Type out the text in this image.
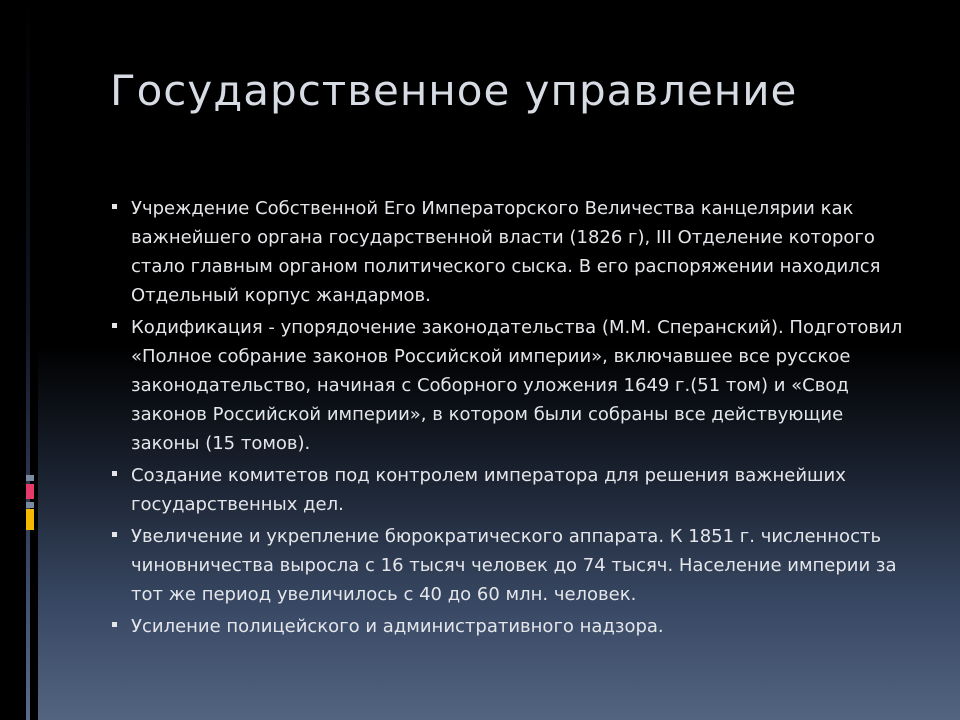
Государственное управление
Учреждение Собственной Его Императорского Величества канцелярии как важнейшего органа государственной власти (1826 г), III Отделение которого стало главным органом политического сыска. В его распоряжении находился Отдельный корпус жандармов.
Кодификация - упорядочение законодательства (М.М. Сперанский). Подготовил «Полное собрание законов Российской империи», включавшее все русское законодательство, начиная с Соборного уложения 1649 г.(51 том) и «Свод законов Российской империи», в котором были собраны все действующие законы (15 томов).
Создание комитетов под контролем императора для решения важнейших государственных дел.
Увеличение и укрепление бюрократического аппарата. К 1851 г. численность чиновничества выросла с 16 тысяч человек до 74 тысяч. Население империи за тот же период увеличилось с 40 до 60 млн. человек.
Усиление полицейского и административного надзора.
